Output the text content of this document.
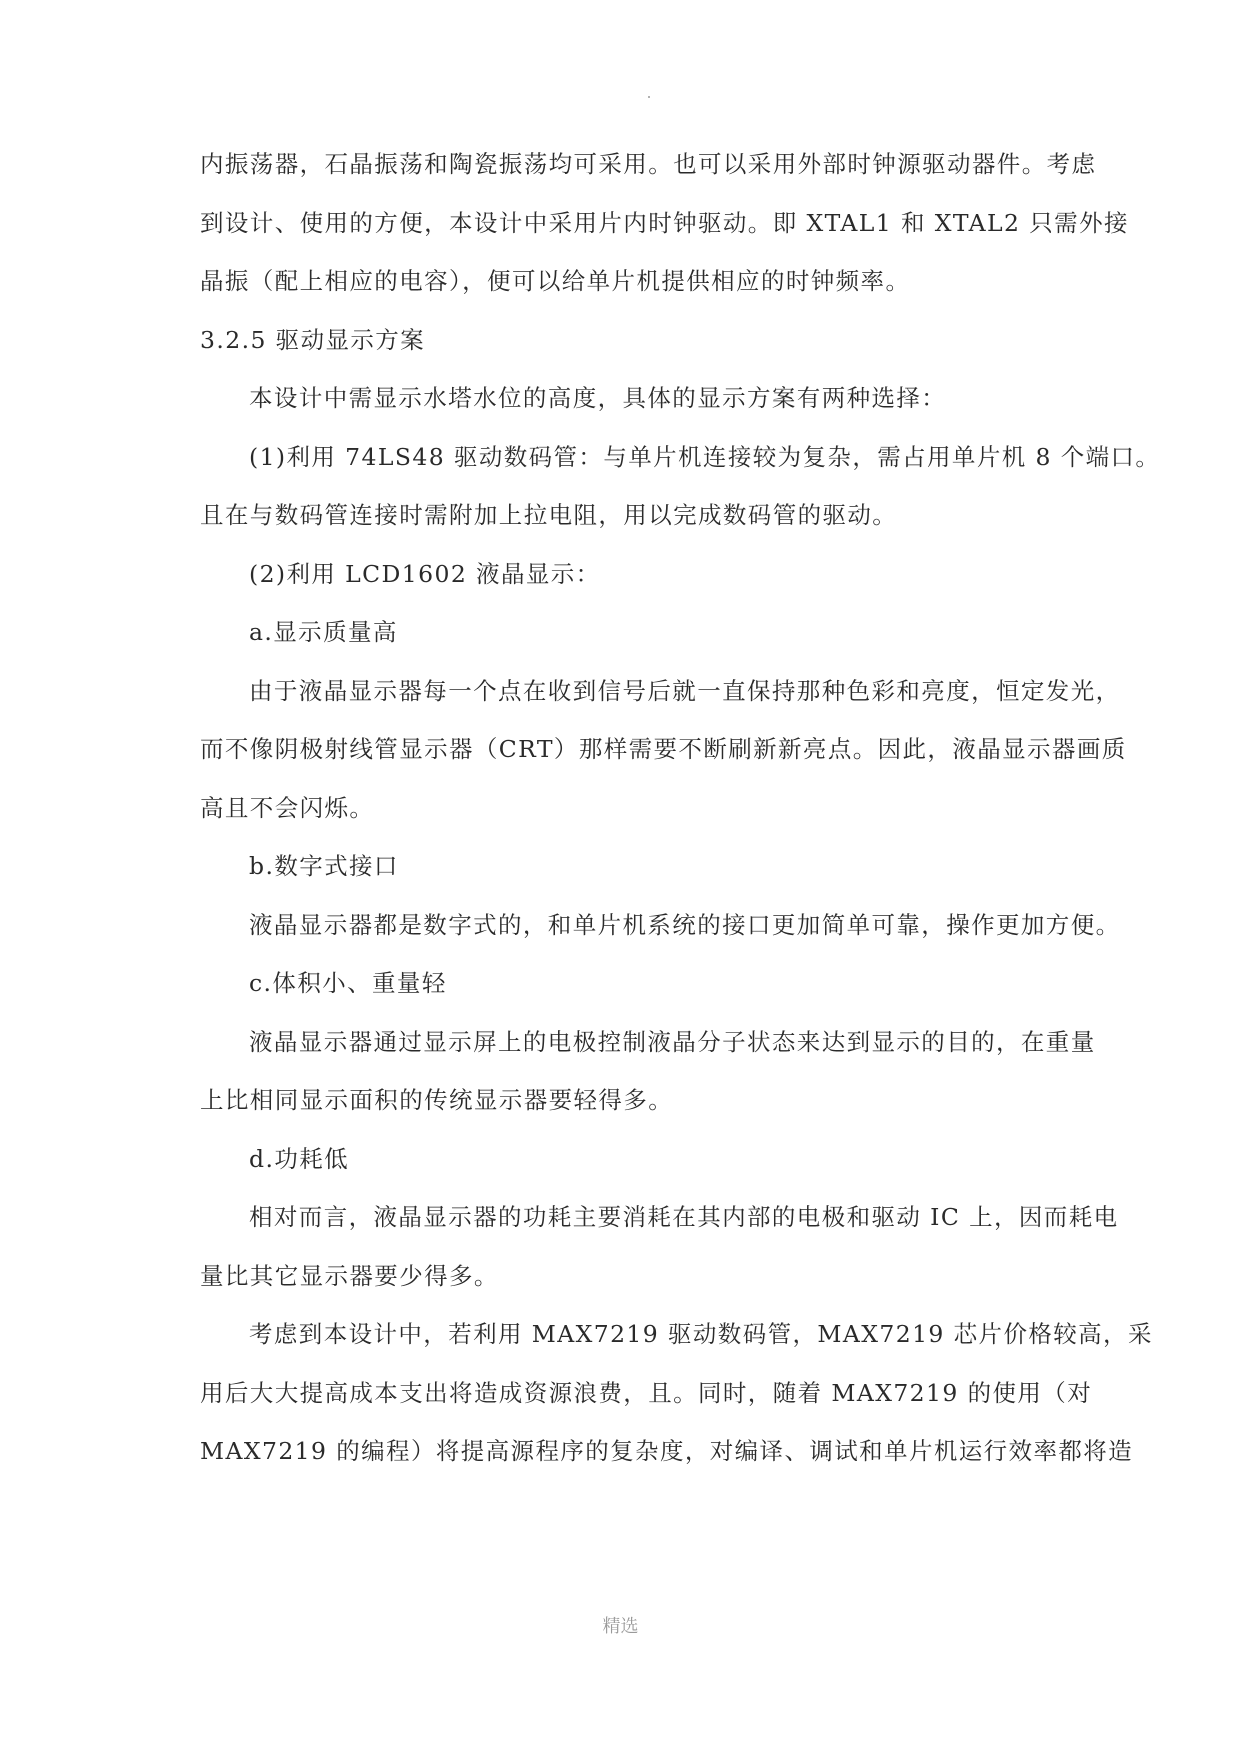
内振荡器，石晶振荡和陶瓷振荡均可采用。也可以采用外部时钟源驱动器件。考虑
到设计、使用的方便，本设计中采用片内时钟驱动。即 XTAL1 和 XTAL2 只需外接
晶振（配上相应的电容），便可以给单片机提供相应的时钟频率。
3.2.5 驱动显示方案
本设计中需显示水塔水位的高度，具体的显示方案有两种选择：
(1)利用 74LS48 驱动数码管：与单片机连接较为复杂，需占用单片机 8 个端口。
且在与数码管连接时需附加上拉电阻，用以完成数码管的驱动。
(2)利用 LCD1602 液晶显示：
a.显示质量高
由于液晶显示器每一个点在收到信号后就一直保持那种色彩和亮度，恒定发光，
而不像阴极射线管显示器（CRT）那样需要不断刷新新亮点。因此，液晶显示器画质
高且不会闪烁。
b.数字式接口
液晶显示器都是数字式的，和单片机系统的接口更加简单可靠，操作更加方便。
c.体积小、重量轻
液晶显示器通过显示屏上的电极控制液晶分子状态来达到显示的目的，在重量
上比相同显示面积的传统显示器要轻得多。
d.功耗低
相对而言，液晶显示器的功耗主要消耗在其内部的电极和驱动 IC 上，因而耗电
量比其它显示器要少得多。
考虑到本设计中，若利用 MAX7219 驱动数码管，MAX7219 芯片价格较高，采
用后大大提高成本支出将造成资源浪费，且。同时，随着 MAX7219 的使用（对
MAX7219 的编程）将提高源程序的复杂度，对编译、调试和单片机运行效率都将造
精选
